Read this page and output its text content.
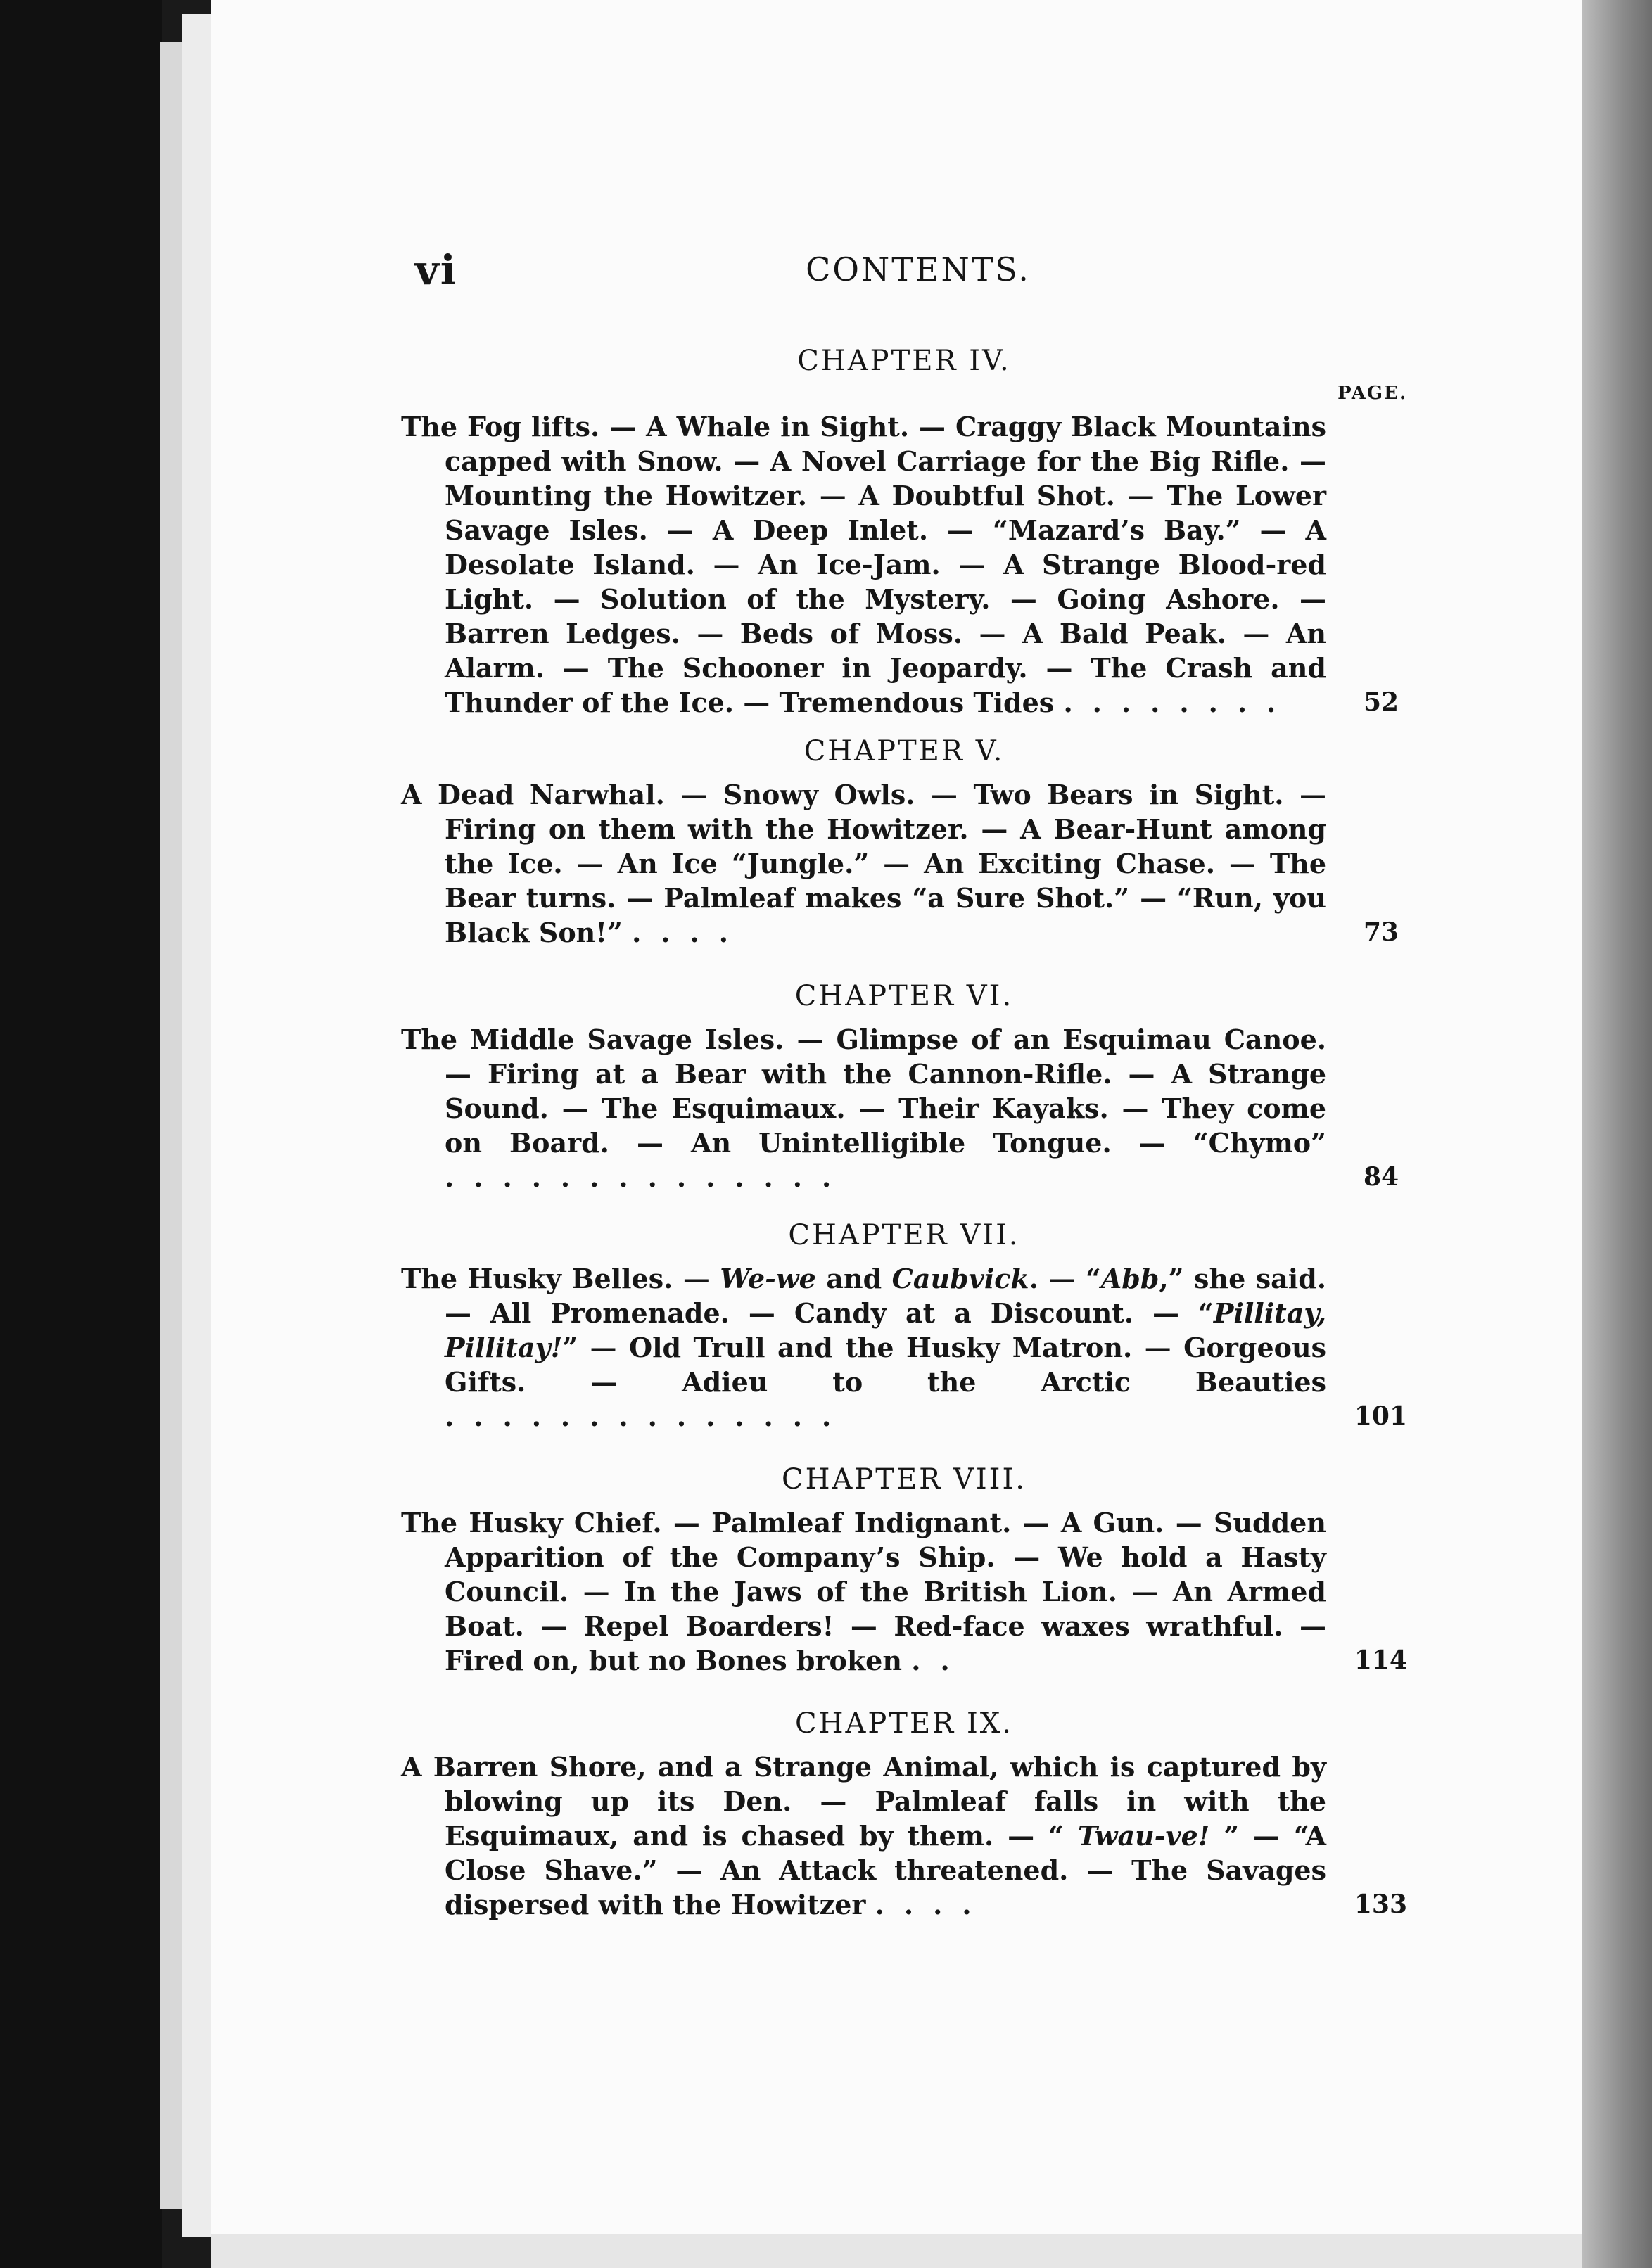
vi	CONTENTS.
CHAPTER IV.
PAGE.
The Fog lifts. — A Whale in Sight. — Craggy Black Mountains capped with Snow. — A Novel Carriage for the Big Rifle. — Mounting the Howitzer. — A Doubtful Shot. — The Lower Savage Isles. — A Deep Inlet. — “Mazard’s Bay.” — A Desolate Island. — An Ice-Jam. — A Strange Blood-red Light. — Solution of the Mystery. — Going Ashore. — Barren Ledges. — Beds of Moss. — A Bald Peak. — An Alarm. — The Schooner in Jeopardy. — The Crash and Thunder of the Ice. — Tremendous Tides ........	52
CHAPTER V.
A Dead Narwhal. — Snowy Owls. — Two Bears in Sight. — Firing on them with the Howitzer. — A Bear-Hunt among the Ice. — An Ice “Jungle.” — An Exciting Chase. — The Bear turns. — Palmleaf makes “a Sure Shot.” — “Run, you Black Son!” ....	73
CHAPTER VI.
The Middle Savage Isles. — Glimpse of an Esquimau Canoe. — Firing at a Bear with the Cannon-Rifle. — A Strange Sound. — The Esquimaux. — Their Kayaks. — They come on Board. — An Unintelligible Tongue. — “Chymo” ..............	84
CHAPTER VII.
The Husky Belles. — We-we and Caubvick. — “Abb,” she said. — All Promenade. — Candy at a Discount. — “Pillitay, Pillitay!” — Old Trull and the Husky Matron. — Gorgeous Gifts. — Adieu to the Arctic Beauties ..............	101
CHAPTER VIII.
The Husky Chief. — Palmleaf Indignant. — A Gun. — Sudden Apparition of the Company’s Ship. — We hold a Hasty Council. — In the Jaws of the British Lion. — An Armed Boat. — Repel Boarders! — Red-face waxes wrathful. — Fired on, but no Bones broken ..	114
CHAPTER IX.
A Barren Shore, and a Strange Animal, which is captured by blowing up its Den. — Palmleaf falls in with the Esquimaux, and is chased by them. — “ Twau-ve! ” — “A Close Shave.” — An Attack threatened. — The Savages dispersed with the Howitzer ....	133
